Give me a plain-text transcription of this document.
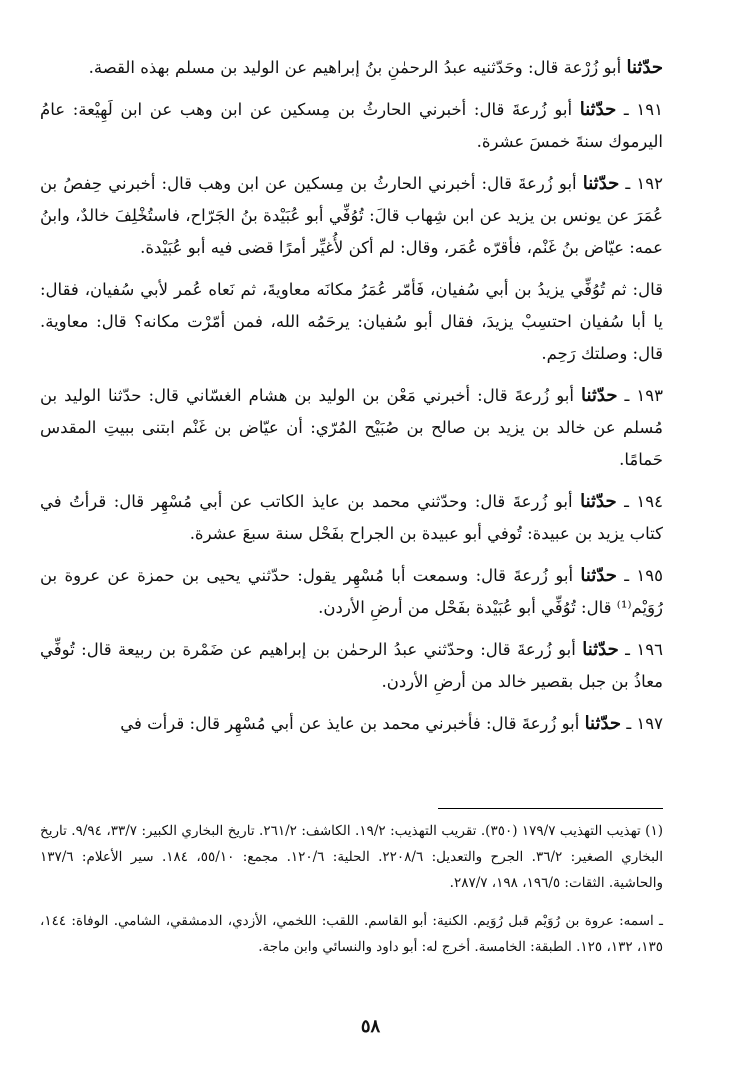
حدّثنا أبو زُرْعة قال: وحَدّثنيه عبدُ الرحمٰنِ بنُ إبراهيم عن الوليد بن مسلم بهذه القصة.

١٩١ ـ حدّثنا أبو زُرعةَ قال: أخبرني الحارثُ بن مِسكين عن ابن وهب عن ابن لَهِيْعة: عامُ اليرموك سنةَ خمسَ عشرة.

١٩٢ ـ حدّثنا أبو زُرعةَ قال: أخبرني الحارثُ بن مِسكين عن ابن وهب قال: أخبرني حِفصُ بن عُمَرَ عن يونس بن يزيد عن ابن شِهاب قالَ: تُوُفِّي أبو عُبَيْدة بنُ الجَرّاح، فاستُخْلِفَ خالدٌ، وابنُ عمه: عيّاض بنُ غَنْم، فأقرّه عُمَر، وقال: لم أكن لأُغيِّر أمرًا قضى فيه أبو عُبَيْدة.

قال: ثم تُوُفِّي يزيدُ بن أبي سُفيان، فَأمّر عُمَرُ مكانَه معاويةَ، ثم نَعاه عُمر لأبي سُفيان، فقال: يا أبا سُفيان احتسِبْ يزيدَ، فقال أبو سُفيان: يرحَمُه الله، فمن أمّرْت مكانه؟ قال: معاوية. قال: وصلتك رَحِم.

١٩٣ ـ حدّثنا أبو زُرعةَ قال: أخبرني مَعْن بن الوليد بن هشام الغسّاني قال: حدّثنا الوليد بن مُسلم عن خالد بن يزيد بن صالح بن صُبَيْح المُرّي: أن عيّاض بن غَنْم ابتنى ببيتِ المقدس حَمامًا.

١٩٤ ـ حدّثنا أبو زُرعةَ قال: وحدّثني محمد بن عايذ الكاتب عن أبي مُسْهِر قال: قرأتُ في كتاب يزيد بن عبيدة: تُوفي أبو عبيدة بن الجراح بفَحْل سنة سبعَ عشرة.

١٩٥ ـ حدّثنا أبو زُرعةَ قال: وسمعت أبا مُسْهِر يقول: حدّثني يحيى بن حمزة عن عروة بن رُوَيْم⁽¹⁾ قال: تُوُفِّي أبو عُبَيْدة بفَحْل من أرضِ الأردن.

١٩٦ ـ حدّثنا أبو زُرعةَ قال: وحدّثني عبدُ الرحمٰن بن إبراهيم عن ضَمْرة بن ربيعة قال: تُوفِّي معاذُ بن جبل بقصير خالد من أرضِ الأردن.

١٩٧ ـ حدّثنا أبو زُرعةَ قال: فأخبرني محمد بن عايذ عن أبي مُسْهِر قال: قرأت في

(١) تهذيب التهذيب ١٧٩/٧ (٣٥٠). تقريب التهذيب: ١٩/٢. الكاشف: ٢٦١/٢. تاريخ البخاري الكبير: ٣٣/٧، ٩/٩٤. تاريخ البخاري الصغير: ٣٦/٢. الجرح والتعديل: ٢٢٠٨/٦. الحلية: ١٢٠/٦. مجمع: ٥٥/١٠، ١٨٤. سير الأعلام: ١٣٧/٦ والحاشية. الثقات: ١٩٦/٥، ١٩٨، ٢٨٧/٧.

ـ اسمه: عروة بن رُوَيْم قبل رُوَيم. الكنية: أبو القاسم. اللقب: اللخمي، الأزدي، الدمشقي، الشامي. الوفاة: ١٤٤، ١٣٥، ١٣٢، ١٢٥. الطبقة: الخامسة. أخرج له: أبو داود والنسائي وابن ماجة.

٥٨
